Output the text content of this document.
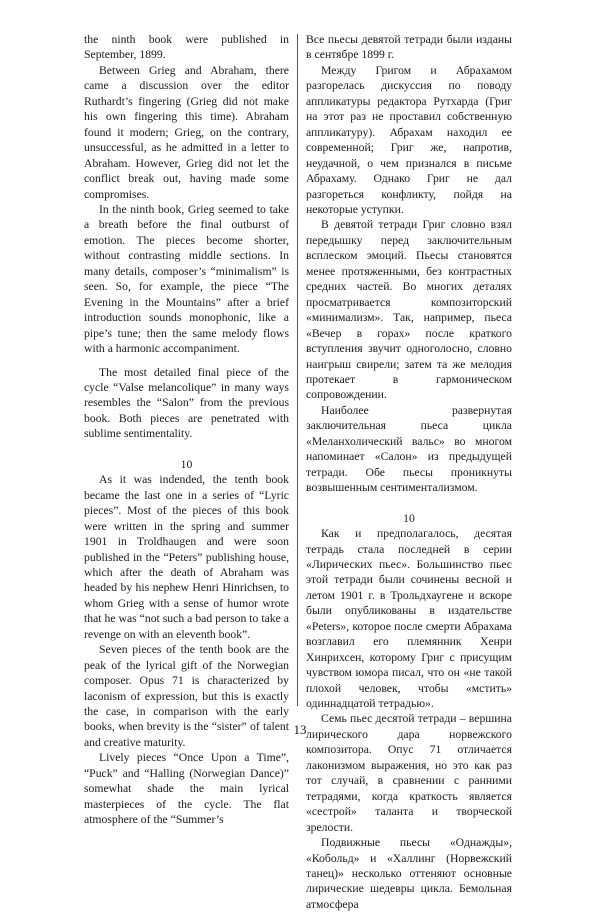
the ninth book were published in September, 1899.

Between Grieg and Abraham, there came a discussion over the editor Ruthardt’s fingering (Grieg did not make his own fingering this time). Abraham found it modern; Grieg, on the contrary, unsuccessful, as he admitted in a letter to Abraham. However, Grieg did not let the conflict break out, having made some compromises.

In the ninth book, Grieg seemed to take a breath before the final outburst of emotion. The pieces become shorter, without contrasting middle sections. In many details, composer’s “minimalism” is seen. So, for example, the piece “The Evening in the Mountains” after a brief introduction sounds monophonic, like a pipe’s tune; then the same melody flows with a harmonic accompaniment.

The most detailed final piece of the cycle “Valse melancolique” in many ways resembles the “Salon” from the previous book. Both pieces are penetrated with sublime sentimentality.

10

As it was indended, the tenth book became the last one in a series of “Lyric pieces”. Most of the pieces of this book were written in the spring and summer 1901 in Troldhaugen and were soon published in the “Peters” publishing house, which after the death of Abraham was headed by his nephew Henri Hinrichsen, to whom Grieg with a sense of humor wrote that he was “not such a bad person to take a revenge on with an eleventh book”.

Seven pieces of the tenth book are the peak of the lyrical gift of the Norwegian composer. Opus 71 is characterized by laconism of expression, but this is exactly the case, in comparison with the early books, when brevity is the “sister” of talent and creative maturity.

Lively pieces “Once Upon a Time”, “Puck” and “Halling (Norwegian Dance)” somewhat shade the main lyrical masterpieces of the cycle. The flat atmosphere of the “Summer’s

Все пьесы девятой тетради были изданы в сентябре 1899 г.

Между Григом и Абрахамом разгорелась дискуссия по поводу аппликатуры редактора Рутхарда (Григ на этот раз не проставил собственную аппликатуру). Абрахам находил ее современной; Григ же, напротив, неудачной, о чем признался в письме Абрахаму. Однако Григ не дал разгореться конфликту, пойдя на некоторые уступки.

В девятой тетради Григ словно взял передышку перед заключительным всплеском эмоций. Пьесы становятся менее протяженными, без контрастных средних частей. Во многих деталях просматривается композиторский «минимализм». Так, например, пьеса «Вечер в горах» после краткого вступления звучит одноголосно, словно наигрыш свирели; затем та же мелодия протекает в гармоническом сопровождении.

Наиболее развернутая заключительная пьеса цикла «Меланхолический вальс» во многом напоминает «Салон» из предыдущей тетради. Обе пьесы проникнуты возвышенным сентиментализмом.

10

Как и предполагалось, десятая тетрадь стала последней в серии «Лирических пьес». Большинство пьес этой тетради были сочинены весной и летом 1901 г. в Трольдхаугене и вскоре были опубликованы в издательстве «Peters», которое после смерти Абрахама возглавил его племянник Хенри Хинрихсен, которому Григ с присущим чувством юмора писал, что он «не такой плохой человек, чтобы «мстить» одиннадцатой тетрадью».

Семь пьес десятой тетради – вершина лирического дара норвежского композитора. Опус 71 отличается лаконизмом выражения, но это как раз тот случай, в сравнении с ранними тетрадями, когда краткость является «сестрой» таланта и творческой зрелости.

Подвижные пьесы «Однажды», «Кобольд» и «Халлинг (Норвежский танец)» несколько оттеняют основные лирические шедевры цикла. Бемольная атмосфера

13
